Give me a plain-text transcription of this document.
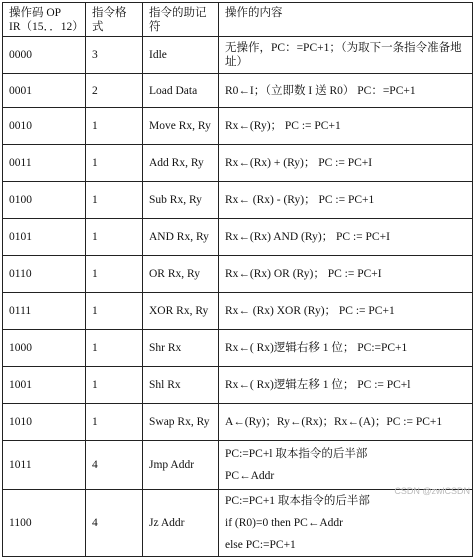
操作码 OP
IR（15．．12）	指令格式	指令的助记符	操作的内容
0000	3	Idle	无操作，PC：=PC+1；（为取下一条指令准备地址）

0001	2	Load Data	R0←I；（立即数 I 送 R0） PC：=PC+1

0010	1	Move Rx, Ry	Rx←(Ry)； PC := PC+1

0011	1	Add Rx, Ry	Rx←(Rx) + (Ry)； PC := PC+I

0100	1	Sub Rx, Ry	Rx← (Rx) - (Ry)； PC := PC+1

0101	1	AND Rx, Ry	Rx←(Rx) AND (Ry)； PC := PC+I

0110	1	OR Rx, Ry	Rx←(Rx) OR (Ry)； PC := PC+I

0111	1	XOR Rx, Ry	Rx← (Rx) XOR (Ry)； PC := PC+1

1000	1	Shr Rx	Rx←( Rx)逻辑右移 1 位； PC:=PC+1

1001	1	Shl Rx	Rx←( Rx)逻辑左移 1 位； PC := PC+l

1010	1	Swap Rx, Ry	A←(Ry)；Ry←(Rx)；Rx←(A)；PC := PC+1

1011	4	Jmp Addr	PC:=PC+l 取本指令的后半部
PC←Addr

1100	4	Jz Addr	PC:=PC+1 取本指令的后半部
if (R0)=0 then PC←Addr
else PC:=PC+1	CSDN @zwlCSDN
